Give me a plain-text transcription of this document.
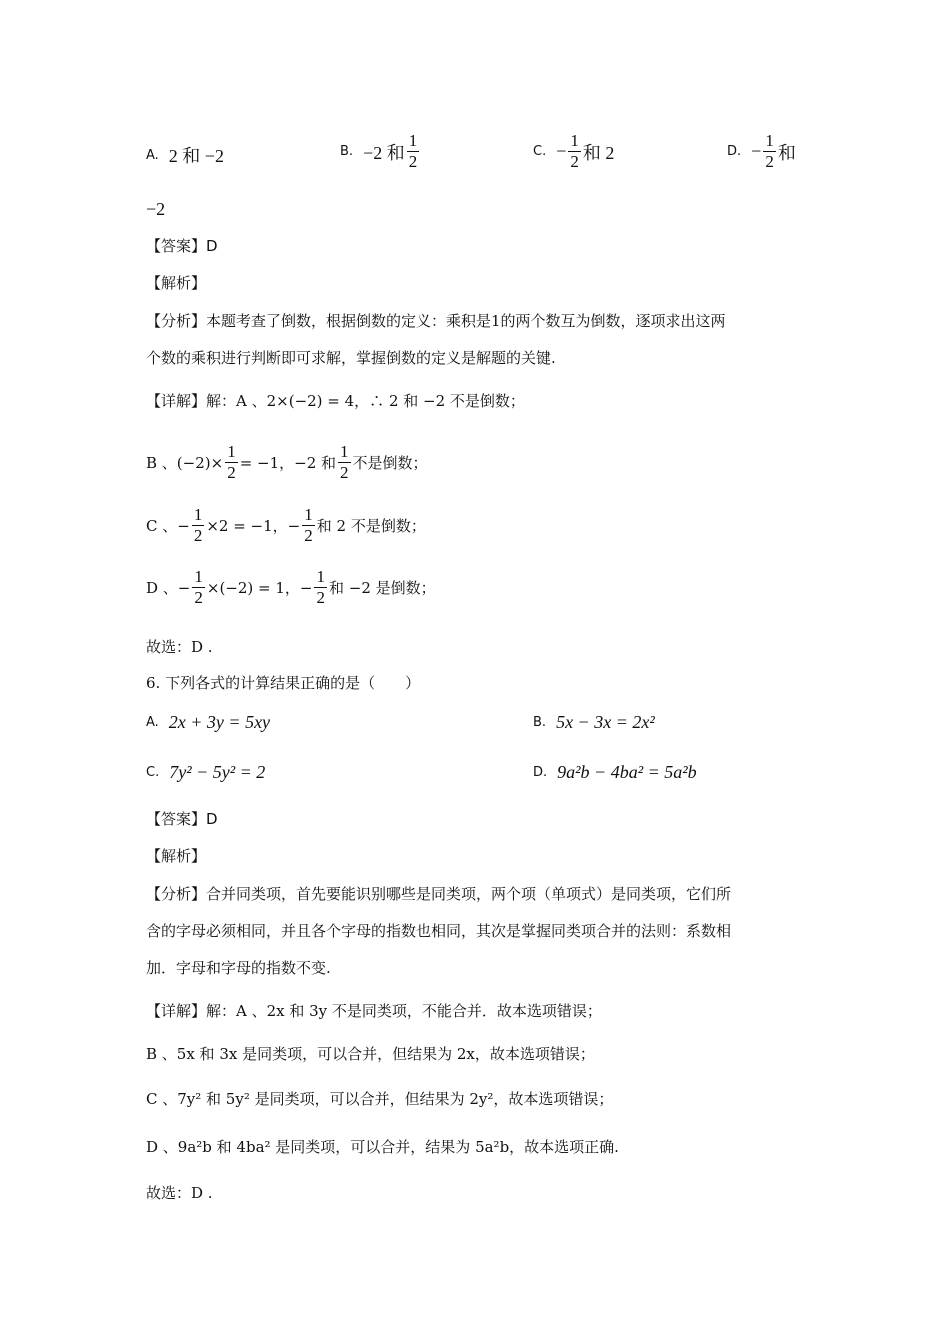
A. 2 和 −2	B. −2 和 $\frac{1}{2}$	C. − $\frac{1}{2}$ 和 2	D. − $\frac{1}{2}$ 和
−2
【答案】D
【解析】
【分析】本题考查了倒数，根据倒数的定义：乘积是1的两个数互为倒数，逐项求出这两
个数的乘积进行判断即可求解，掌握倒数的定义是解题的关键.
【详解】解：A 、2×(−2) = 4，∴ 2 和 −2 不是倒数；
B 、$(-2)\times \frac{1}{2} = -1$，−2 和 $\frac{1}{2}$ 不是倒数；
C 、− $\frac{1}{2} \times 2 = -1$，− $\frac{1}{2}$ 和 2 不是倒数；
D 、− $\frac{1}{2} \times(-2) = 1$，− $\frac{1}{2}$ 和 −2 是倒数；
故选：D .
6. 下列各式的计算结果正确的是（　　）
A. 2x + 3y = 5xy	B. 5x − 3x = 2x²
C. 7y² − 5y² = 2	D. 9a²b − 4ba² = 5a²b
【答案】D
【解析】
【分析】合并同类项，首先要能识别哪些是同类项，两个项（单项式）是同类项，它们所
含的字母必须相同，并且各个字母的指数也相同，其次是掌握同类项合并的法则：系数相
加．字母和字母的指数不变.
【详解】解：A 、2x 和 3y 不是同类项，不能合并．故本选项错误；
B 、5x 和 3x 是同类项，可以合并，但结果为 2x，故本选项错误；
C 、7y² 和 5y² 是同类项，可以合并，但结果为 2y²，故本选项错误；
D 、9a²b 和 4ba² 是同类项，可以合并，结果为 5a²b，故本选项正确.
故选：D .
